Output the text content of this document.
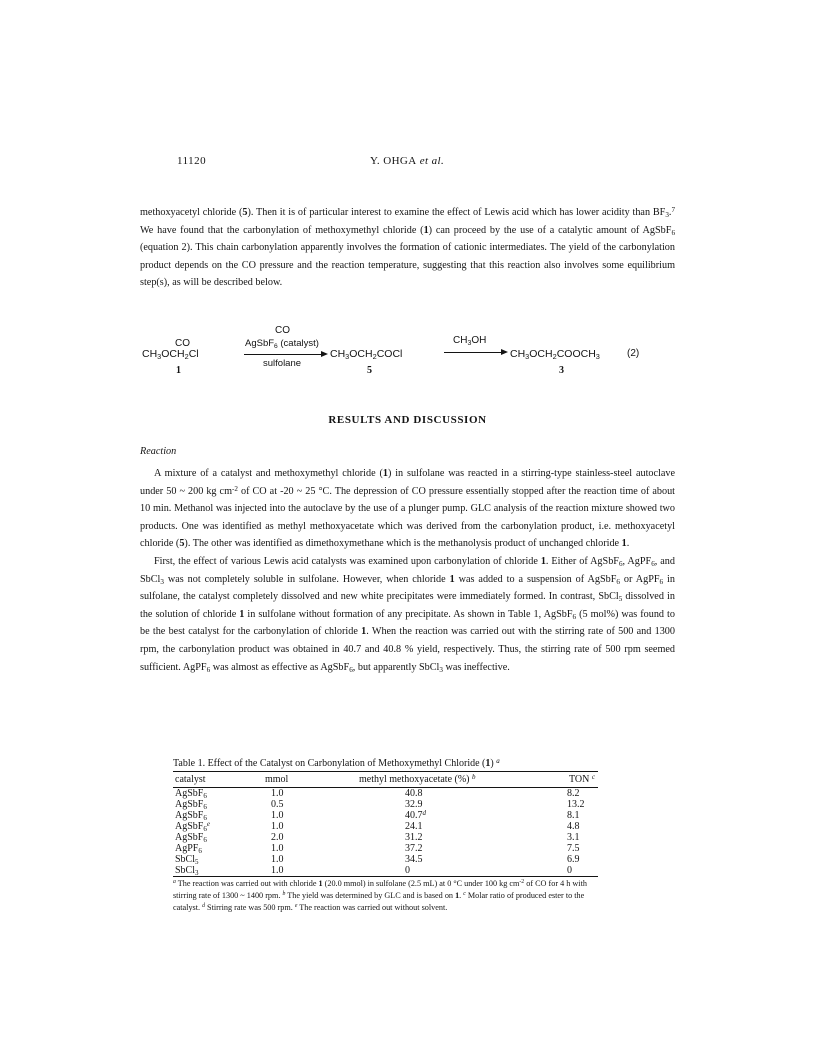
11120	Y. OHGA et al.

methoxyacetyl chloride (5). Then it is of particular interest to examine the effect of Lewis acid which has lower acidity than $BF_3.^7$ We have found that the carbonylation of methoxymethyl chloride (1) can proceed by the use of a catalytic amount of AgSbF$_6$ (equation 2). This chain carbonylation apparently involves the formation of cationic intermediates. The yield of the carbonylation product depends on the CO pressure and the reaction temperature, suggesting that this reaction also involves some equilibrium step(s), as will be described below.

CO
$CH_3OCH_2Cl$
CO
AgSbF$_6$ (catalyst)
sulfolane
$CH_3OCH_2COCl$
$CH_3OH$
$CH_3OCH_2COOCH_3$	(2)
1	5	3
RESULTS AND DISCUSSION
Reaction

A mixture of a catalyst and methoxymethyl chloride (1) in sulfolane was reacted in a stirring-type stainless-steel autoclave under 50 ~ 200 kg $cm^{-2}$ of CO at -20 ~ 25 °C. The depression of CO pressure essentially stopped after the reaction time of about 10 min. Methanol was injected into the autoclave by the use of a plunger pump. GLC analysis of the reaction mixture showed two products. One was identified as methyl methoxyacetate which was derived from the carbonylation product, i.e. methoxyacetyl chloride (5). The other was identified as dimethoxymethane which is the methanolysis product of unchanged chloride 1.

First, the effect of various Lewis acid catalysts was examined upon carbonylation of chloride 1. Either of AgSbF$_6$, AgPF$_6$, and SbCl$_3$ was not completely soluble in sulfolane. However, when chloride 1 was added to a suspension of AgSbF$_6$ or AgPF$_6$ in sulfolane, the catalyst completely dissolved and new white precipitates were immediately formed. In contrast, SbCl$_5$ dissolved in the solution of chloride 1 in sulfolane without formation of any precipitate. As shown in Table 1, AgSbF$_6$ (5 mol%) was found to be the best catalyst for the carbonylation of chloride 1. When the reaction was carried out with the stirring rate of 500 and 1300 rpm, the carbonylation product was obtained in 40.7 and 40.8 % yield, respectively. Thus, the stirring rate of 500 rpm seemed sufficient. AgPF$_6$ was almost as effective as AgSbF$_6$, but apparently SbCl$_3$ was ineffective.

Table 1. Effect of the Catalyst on Carbonylation of Methoxymethyl Chloride (1) $^a$
catalyst	mmol	methyl methoxyacetate (%) $^b$	TON $^c$

AgSbF$_6$	1.0	40.8	8.2
AgSbF$_6$	0.5	32.9	13.2
AgSbF$_6$	1.0	40.7$^d$	8.1
AgSbF$_6^e$	1.0	24.1	4.8
AgSbF$_6$	2.0	31.2	3.1
AgPF$_6$	1.0	37.2	7.5
SbCl$_5$	1.0	34.5	6.9
SbCl$_3$	1.0	0	0
$^a$ The reaction was carried out with chloride 1 (20.0 mmol) in sulfolane (2.5 mL) at 0 °C under 100 kg $cm^{-2}$ of CO for 4 h with stirring rate of 1300 ~ 1400 rpm. $^b$ The yield was determined by GLC and is based on 1. $^c$ Molar ratio of produced ester to the catalyst. $^d$ Stirring rate was 500 rpm. $^e$ The reaction was carried out without solvent.
